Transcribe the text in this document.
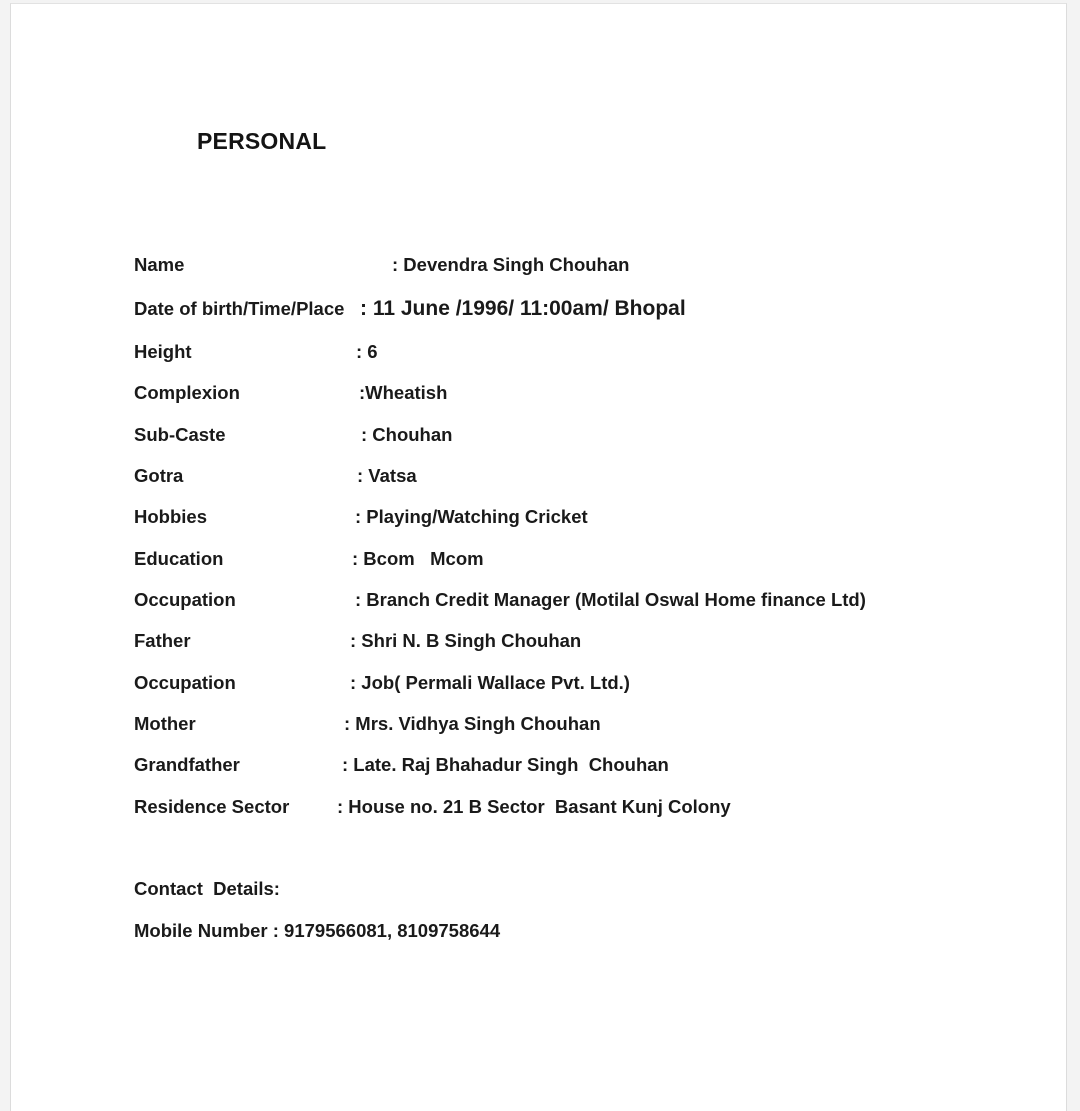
PERSONAL
Name	: Devendra Singh Chouhan
Date of birth/Time/Place : 11 June /1996/ 11:00am/ Bhopal
Height	: 6
Complexion	:Wheatish
Sub-Caste	: Chouhan
Gotra	: Vatsa
Hobbies	: Playing/Watching Cricket
Education	: Bcom   Mcom
Occupation	: Branch Credit Manager (Motilal Oswal Home finance Ltd)
Father	: Shri N. B Singh Chouhan
Occupation	: Job( Permali Wallace Pvt. Ltd.)
Mother	: Mrs. Vidhya Singh Chouhan
Grandfather	: Late. Raj Bhahadur Singh  Chouhan
Residence Sector	: House no. 21 B Sector  Basant Kunj Colony
Contact  Details:
Mobile Number : 9179566081, 8109758644
